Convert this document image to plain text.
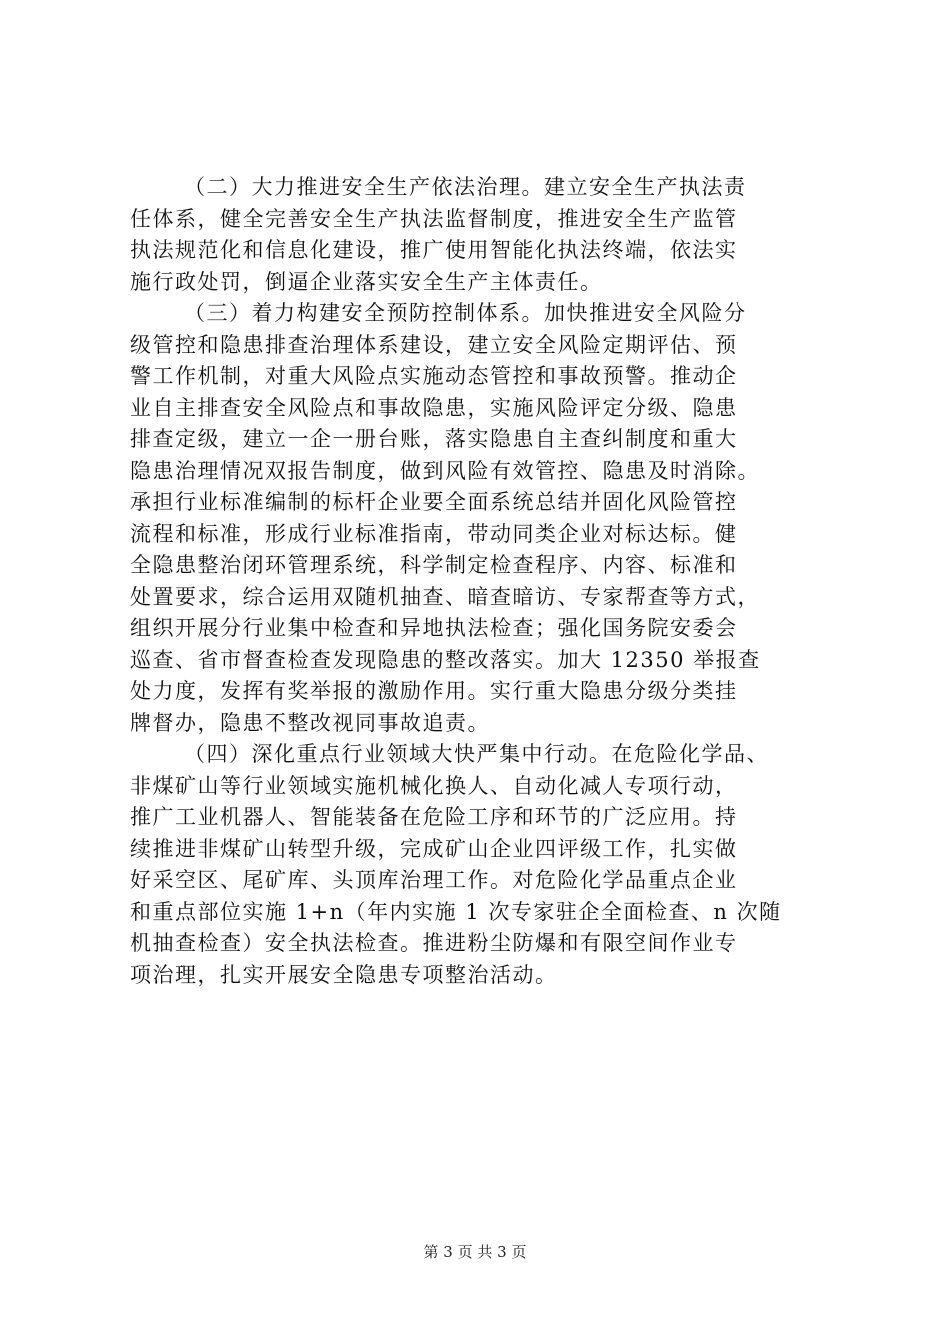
（二）大力推进安全生产依法治理。建立安全生产执法责
任体系，健全完善安全生产执法监督制度，推进安全生产监管
执法规范化和信息化建设，推广使用智能化执法终端，依法实
施行政处罚，倒逼企业落实安全生产主体责任。
（三）着力构建安全预防控制体系。加快推进安全风险分
级管控和隐患排查治理体系建设，建立安全风险定期评估、预
警工作机制，对重大风险点实施动态管控和事故预警。推动企
业自主排查安全风险点和事故隐患，实施风险评定分级、隐患
排查定级，建立一企一册台账，落实隐患自主查纠制度和重大
隐患治理情况双报告制度，做到风险有效管控、隐患及时消除。
承担行业标准编制的标杆企业要全面系统总结并固化风险管控
流程和标准，形成行业标准指南，带动同类企业对标达标。健
全隐患整治闭环管理系统，科学制定检查程序、内容、标准和
处置要求，综合运用双随机抽查、暗查暗访、专家帮查等方式，
组织开展分行业集中检查和异地执法检查；强化国务院安委会
巡查、省市督查检查发现隐患的整改落实。加大 12350 举报查
处力度，发挥有奖举报的激励作用。实行重大隐患分级分类挂
牌督办，隐患不整改视同事故追责。
（四）深化重点行业领域大快严集中行动。在危险化学品、
非煤矿山等行业领域实施机械化换人、自动化减人专项行动，
推广工业机器人、智能装备在危险工序和环节的广泛应用。持
续推进非煤矿山转型升级，完成矿山企业四评级工作，扎实做
好采空区、尾矿库、头顶库治理工作。对危险化学品重点企业
和重点部位实施 1+n（年内实施 1 次专家驻企全面检查、n 次随
机抽查检查）安全执法检查。推进粉尘防爆和有限空间作业专
项治理，扎实开展安全隐患专项整治活动。
第 3 页 共 3 页
